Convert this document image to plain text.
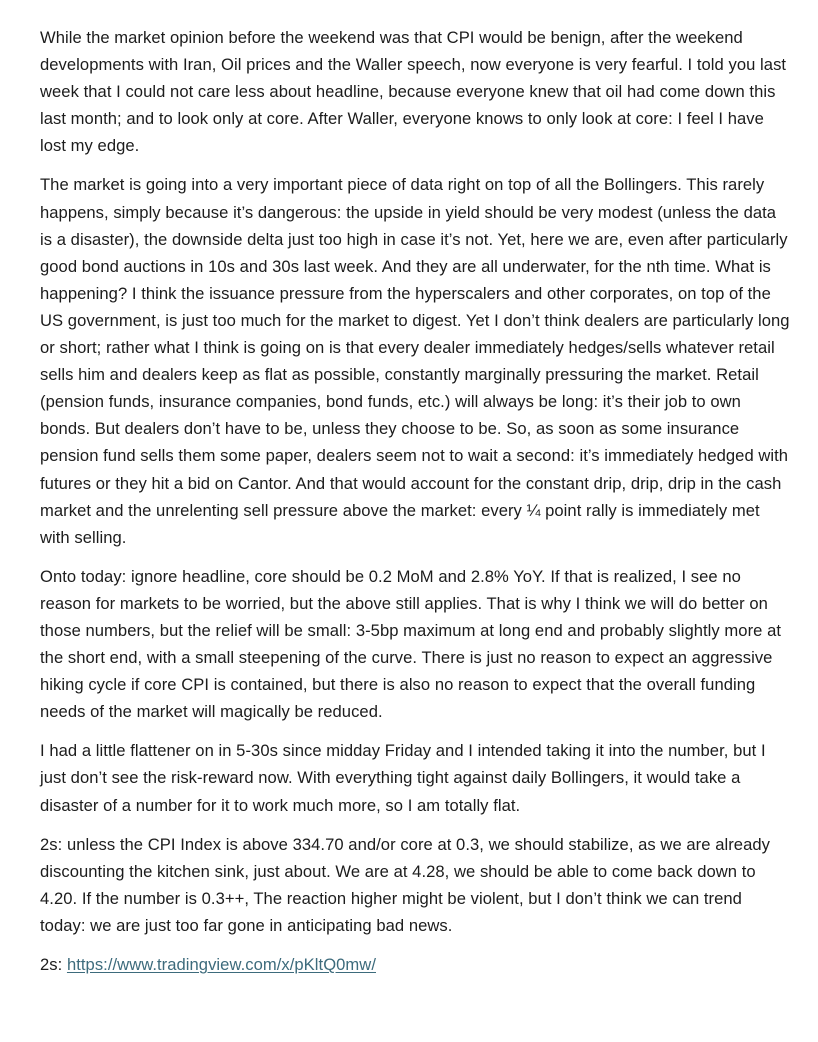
While the market opinion before the weekend was that CPI would be benign, after the weekend developments with Iran, Oil prices and the Waller speech, now everyone is very fearful. I told you last week that I could not care less about headline, because everyone knew that oil had come down this last month; and to look only at core. After Waller, everyone knows to only look at core: I feel I have lost my edge.

The market is going into a very important piece of data right on top of all the Bollingers. This rarely happens, simply because it’s dangerous: the upside in yield should be very modest (unless the data is a disaster), the downside delta just too high in case it’s not. Yet, here we are, even after particularly good bond auctions in 10s and 30s last week. And they are all underwater, for the nth time. What is happening? I think the issuance pressure from the hyperscalers and other corporates, on top of the US government, is just too much for the market to digest. Yet I don’t think dealers are particularly long or short; rather what I think is going on is that every dealer immediately hedges/sells whatever retail sells him and dealers keep as flat as possible, constantly marginally pressuring the market. Retail (pension funds, insurance companies, bond funds, etc.) will always be long: it’s their job to own bonds. But dealers don’t have to be, unless they choose to be. So, as soon as some insurance pension fund sells them some paper, dealers seem not to wait a second: it’s immediately hedged with futures or they hit a bid on Cantor. And that would account for the constant drip, drip, drip in the cash market and the unrelenting sell pressure above the market: every ¼ point rally is immediately met with selling.

Onto today: ignore headline, core should be 0.2 MoM and 2.8% YoY. If that is realized, I see no reason for markets to be worried, but the above still applies. That is why I think we will do better on those numbers, but the relief will be small: 3-5bp maximum at long end and probably slightly more at the short end, with a small steepening of the curve. There is just no reason to expect an aggressive hiking cycle if core CPI is contained, but there is also no reason to expect that the overall funding needs of the market will magically be reduced.

I had a little flattener on in 5-30s since midday Friday and I intended taking it into the number, but I just don’t see the risk-reward now. With everything tight against daily Bollingers, it would take a disaster of a number for it to work much more, so I am totally flat.

2s: unless the CPI Index is above 334.70 and/or core at 0.3, we should stabilize, as we are already discounting the kitchen sink, just about. We are at 4.28, we should be able to come back down to 4.20. If the number is 0.3++, The reaction higher might be violent, but I don’t think we can trend today: we are just too far gone in anticipating bad news.

2s: https://www.tradingview.com/x/pKltQ0mw/
